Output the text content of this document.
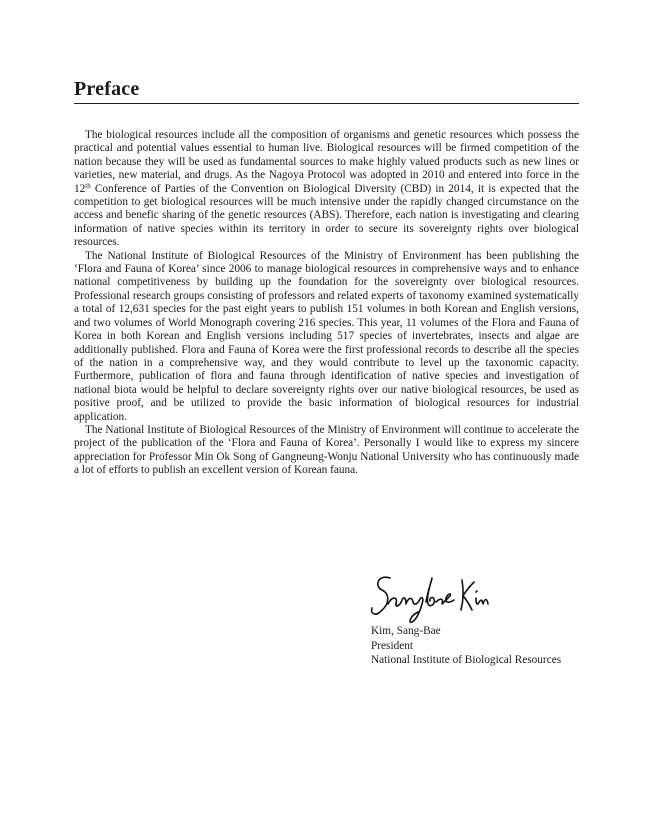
Preface

The biological resources include all the composition of organisms and genetic resources which possess the practical and potential values essential to human live. Biological resources will be firmed competition of the nation because they will be used as fundamental sources to make highly valued products such as new lines or varieties, new material, and drugs. As the Nagoya Protocol was adopted in 2010 and entered into force in the 12th Conference of Parties of the Convention on Biological Diversity (CBD) in 2014, it is expected that the competition to get biological resources will be much intensive under the rapidly changed circumstance on the access and benefic sharing of the genetic resources (ABS). Therefore, each nation is investigating and clearing information of native species within its territory in order to secure its sovereignty rights over biological resources.

The National Institute of Biological Resources of the Ministry of Environment has been publishing the ‘Flora and Fauna of Korea’ since 2006 to manage biological resources in comprehensive ways and to enhance national competitiveness by building up the foundation for the sovereignty over biological resources. Professional research groups consisting of professors and related experts of taxonomy examined systematically a total of 12,631 species for the past eight years to publish 151 volumes in both Korean and English versions, and two volumes of World Monograph covering 216 species. This year, 11 volumes of the Flora and Fauna of Korea in both Korean and English versions including 517 species of invertebrates, insects and algae are additionally published. Flora and Fauna of Korea were the first professional records to describe all the species of the nation in a comprehensive way, and they would contribute to level up the taxonomic capacity. Furthermore, publication of flora and fauna through identification of native species and investigation of national biota would be helpful to declare sovereignty rights over our native biological resources, be used as positive proof, and be utilized to provide the basic information of biological resources for industrial application.

The National Institute of Biological Resources of the Ministry of Environment will continue to accelerate the project of the publication of the ‘Flora and Fauna of Korea’. Personally I would like to express my sincere appreciation for Professor Min Ok Song of Gangneung-Wonju National University who has continuously made a lot of efforts to publish an excellent version of Korean fauna.

Kim, Sang-Bae
President
National Institute of Biological Resources
